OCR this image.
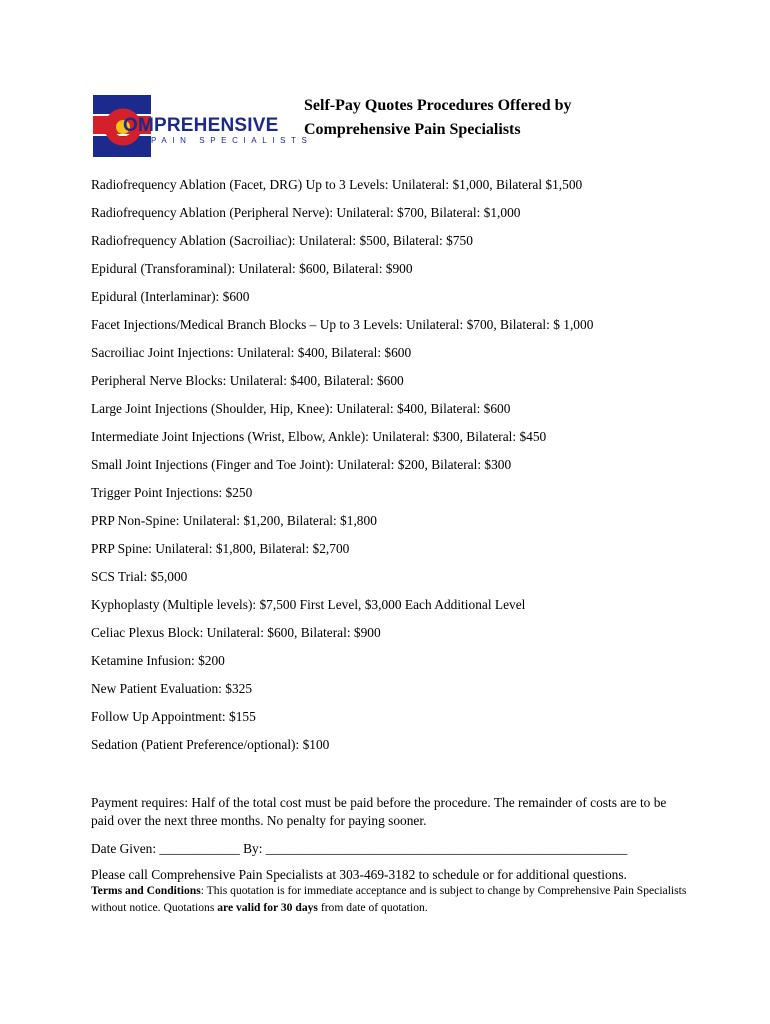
OMPREHENSIVE
PAIN SPECIALISTS
Self-Pay Quotes Procedures Offered by
Comprehensive Pain Specialists
Radiofrequency Ablation (Facet, DRG) Up to 3 Levels: Unilateral: $1,000, Bilateral $1,500
Radiofrequency Ablation (Peripheral Nerve): Unilateral: $700, Bilateral: $1,000
Radiofrequency Ablation (Sacroiliac): Unilateral: $500, Bilateral: $750
Epidural (Transforaminal): Unilateral: $600, Bilateral: $900
Epidural (Interlaminar): $600
Facet Injections/Medical Branch Blocks – Up to 3 Levels: Unilateral: $700, Bilateral: $ 1,000
Sacroiliac Joint Injections: Unilateral: $400, Bilateral: $600
Peripheral Nerve Blocks: Unilateral: $400, Bilateral: $600
Large Joint Injections (Shoulder, Hip, Knee): Unilateral: $400, Bilateral: $600
Intermediate Joint Injections (Wrist, Elbow, Ankle): Unilateral: $300, Bilateral: $450
Small Joint Injections (Finger and Toe Joint): Unilateral: $200, Bilateral: $300
Trigger Point Injections: $250
PRP Non-Spine: Unilateral: $1,200, Bilateral: $1,800
PRP Spine: Unilateral: $1,800, Bilateral: $2,700
SCS Trial: $5,000
Kyphoplasty (Multiple levels): $7,500 First Level, $3,000 Each Additional Level
Celiac Plexus Block: Unilateral: $600, Bilateral: $900
Ketamine Infusion: $200
New Patient Evaluation: $325
Follow Up Appointment: $155
Sedation (Patient Preference/optional): $100

Payment requires: Half of the total cost must be paid before the procedure. The remainder of costs are to be paid over the next three months. No penalty for paying sooner.

Date Given: ____________ By: ______________________________________________________

Please call Comprehensive Pain Specialists at 303-469-3182 to schedule or for additional questions.

Terms and Conditions: This quotation is for immediate acceptance and is subject to change by Comprehensive Pain Specialists without notice. Quotations are valid for 30 days from date of quotation.
